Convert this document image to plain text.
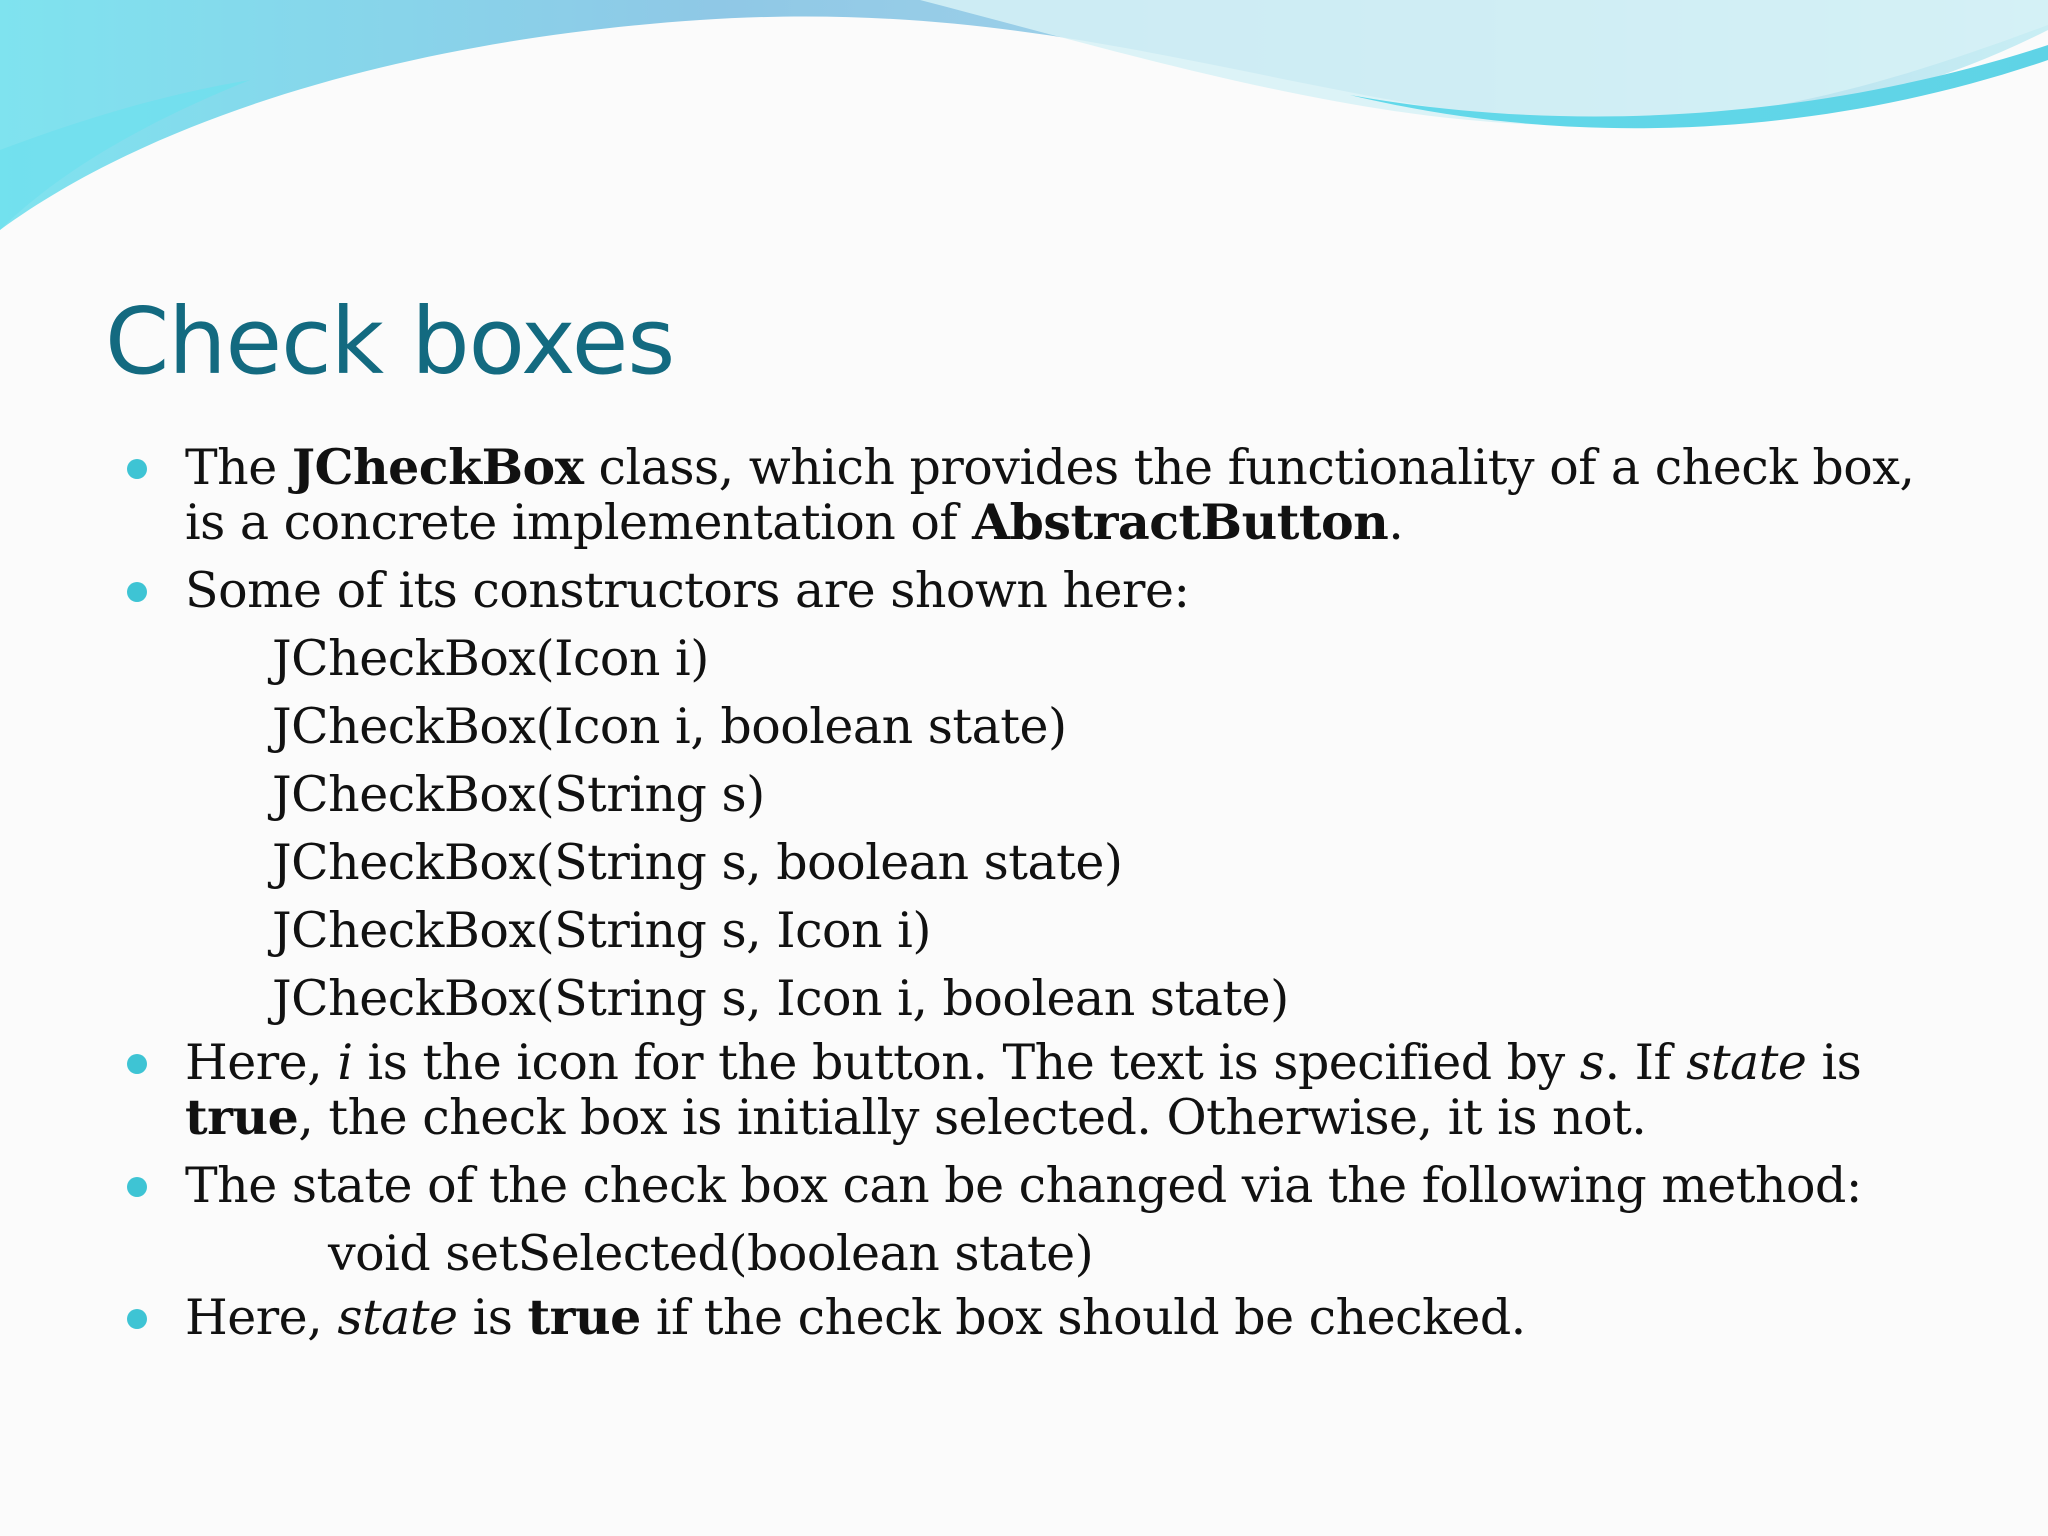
Check boxes
The JCheckBox class, which provides the functionality of a check box, is a concrete implementation of AbstractButton.
Some of its constructors are shown here:
JCheckBox(Icon i)
JCheckBox(Icon i, boolean state)
JCheckBox(String s)
JCheckBox(String s, boolean state)
JCheckBox(String s, Icon i)
JCheckBox(String s, Icon i, boolean state)
Here, i is the icon for the button. The text is specified by s. If state is true, the check box is initially selected. Otherwise, it is not.
The state of the check box can be changed via the following method:
void setSelected(boolean state)
Here, state is true if the check box should be checked.
